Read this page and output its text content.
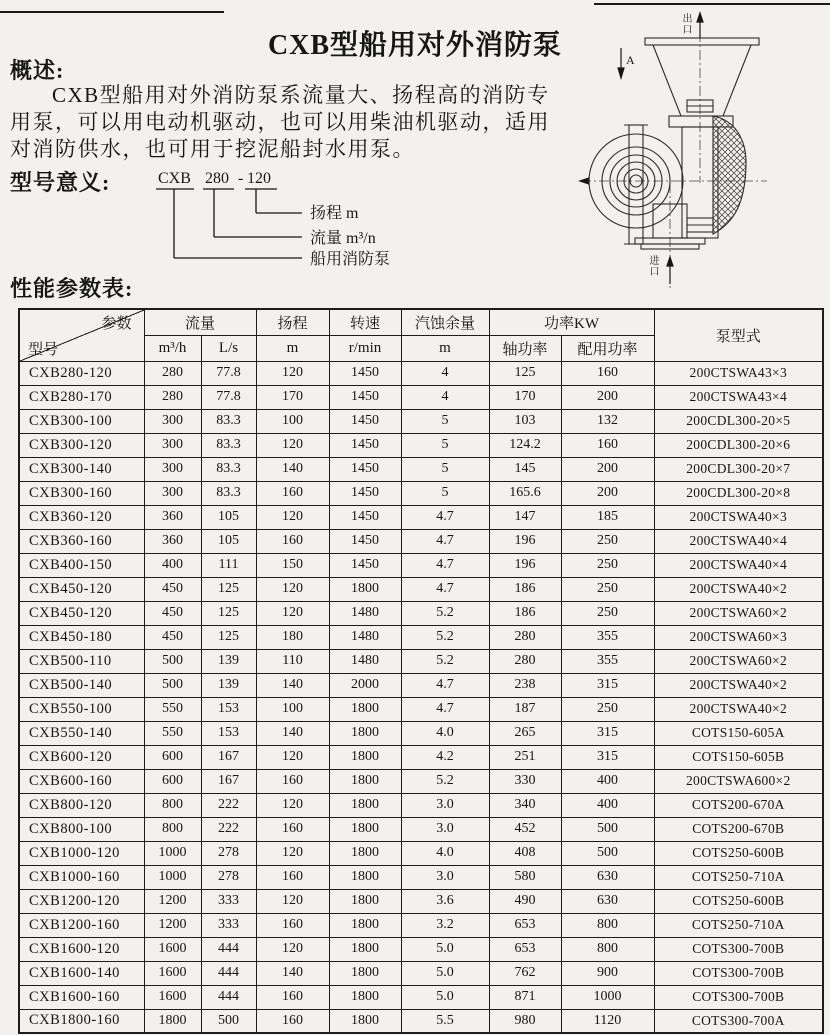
CXB型船用对外消防泵
概述:
CXB型船用对外消防泵系流量大、扬程高的消防专
用泵，可以用电动机驱动，也可以用柴油机驱动，适用
对消防供水，也可用于挖泥船封水用泵。
型号意义:	CXB 280 - 120
扬程 m
流量 m³/n
船用消防泵
出口
进口
A
性能参数表:
参数
型号	流量		扬程	转速	汽蚀余量	功率KW		泵型式
	m³/h	L/s	m	r/min	m	轴功率	配用功率	
CXB280-120	280	77.8	120	1450	4	125	160	200CTSWA43×3
CXB280-170	280	77.8	170	1450	4	170	200	200CTSWA43×4
CXB300-100	300	83.3	100	1450	5	103	132	200CDL300-20×5
CXB300-120	300	83.3	120	1450	5	124.2	160	200CDL300-20×6
CXB300-140	300	83.3	140	1450	5	145	200	200CDL300-20×7
CXB300-160	300	83.3	160	1450	5	165.6	200	200CDL300-20×8
CXB360-120	360	105	120	1450	4.7	147	185	200CTSWA40×3
CXB360-160	360	105	160	1450	4.7	196	250	200CTSWA40×4
CXB400-150	400	111	150	1450	4.7	196	250	200CTSWA40×4
CXB450-120	450	125	120	1800	4.7	186	250	200CTSWA40×2
CXB450-120	450	125	120	1480	5.2	186	250	200CTSWA60×2
CXB450-180	450	125	180	1480	5.2	280	355	200CTSWA60×3
CXB500-110	500	139	110	1480	5.2	280	355	200CTSWA60×2
CXB500-140	500	139	140	2000	4.7	238	315	200CTSWA40×2
CXB550-100	550	153	100	1800	4.7	187	250	200CTSWA40×2
CXB550-140	550	153	140	1800	4.0	265	315	COTS150-605A
CXB600-120	600	167	120	1800	4.2	251	315	COTS150-605B
CXB600-160	600	167	160	1800	5.2	330	400	200CTSWA600×2
CXB800-120	800	222	120	1800	3.0	340	400	COTS200-670A
CXB800-100	800	222	160	1800	3.0	452	500	COTS200-670B
CXB1000-120	1000	278	120	1800	4.0	408	500	COTS250-600B
CXB1000-160	1000	278	160	1800	3.0	580	630	COTS250-710A
CXB1200-120	1200	333	120	1800	3.6	490	630	COTS250-600B
CXB1200-160	1200	333	160	1800	3.2	653	800	COTS250-710A
CXB1600-120	1600	444	120	1800	5.0	653	800	COTS300-700B
CXB1600-140	1600	444	140	1800	5.0	762	900	COTS300-700B
CXB1600-160	1600	444	160	1800	5.0	871	1000	COTS300-700B
CXB1800-160	1800	500	160	1800	5.5	980	1120	COTS300-700A
